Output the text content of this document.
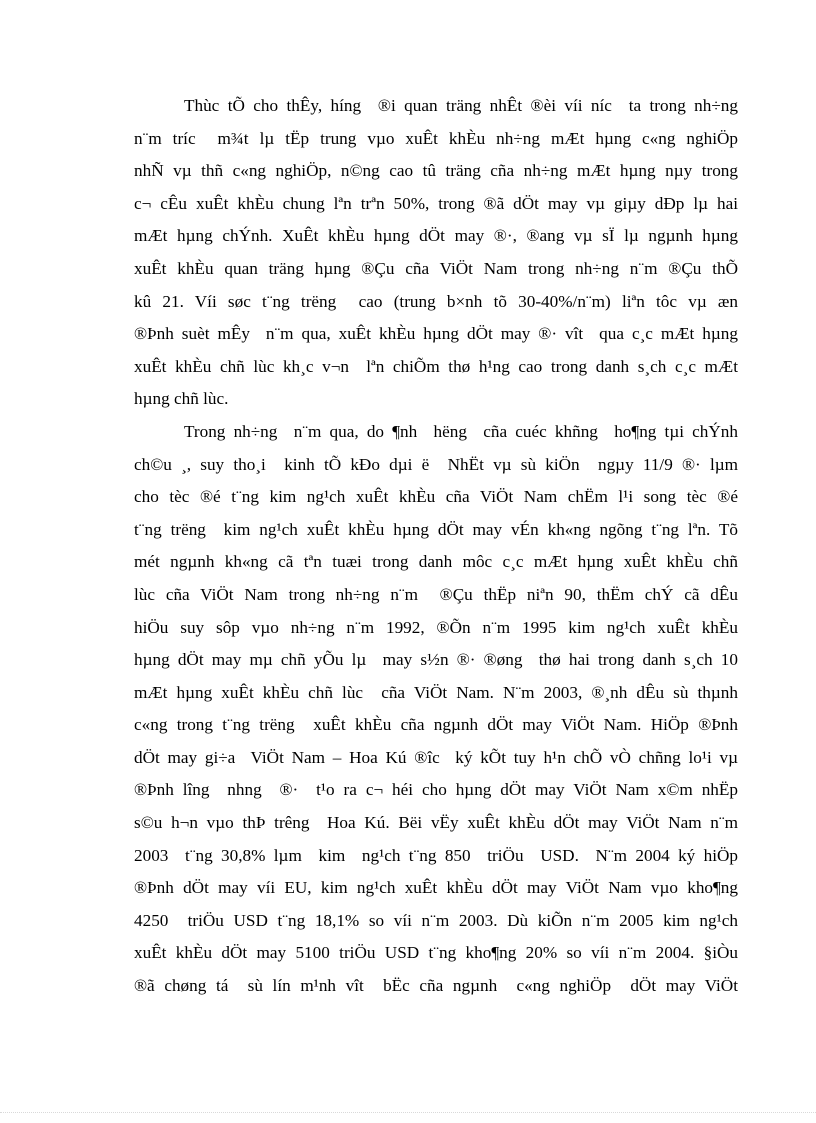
Thùc tÕ cho thÊy, híng  ®i quan träng nhÊt ®èi víi níc  ta trong nh÷ng
n¨m tríc  m¾t lµ tËp trung vµo xuÊt khÈu nh÷ng mÆt hµng c«ng nghiÖp
nhÑ vµ thñ c«ng nghiÖp, n©ng cao tû träng cña nh÷ng mÆt hµng nµy trong
c¬ cÊu xuÊt khÈu chung lªn trªn 50%, trong ®ã dÖt may vµ giµy dÐp lµ hai
mÆt hµng chÝnh. XuÊt khÈu hµng dÖt may ®·, ®ang vµ sÏ lµ ngµnh hµng
xuÊt khÈu quan träng hµng ®Çu cña ViÖt Nam trong nh÷ng n¨m ®Çu thÕ
kû 21. Víi søc t¨ng trëng  cao (trung b×nh tõ 30-40%/n¨m) liªn tôc vµ æn
®Þnh suèt mÊy  n¨m qua, xuÊt khÈu hµng dÖt may ®· vît  qua c¸c mÆt hµng
xuÊt khÈu chñ lùc kh¸c v¬n  lªn chiÕm thø h¹ng cao trong danh s¸ch c¸c mÆt
hµng chñ lùc.
Trong nh÷ng  n¨m qua, do ¶nh  hëng  cña cuéc khñng  ho¶ng tµi chÝnh
ch©u ¸, suy tho¸i  kinh tÕ kÐo dµi ë  NhËt vµ sù kiÖn  ngµy 11/9 ®· lµm
cho tèc ®é t¨ng kim ng¹ch xuÊt khÈu cña ViÖt Nam chËm l¹i song tèc ®é
t¨ng trëng  kim ng¹ch xuÊt khÈu hµng dÖt may vÉn kh«ng ngõng t¨ng lªn. Tõ
mét ngµnh kh«ng cã tªn tuæi trong danh môc c¸c mÆt hµng xuÊt khÈu chñ
lùc cña ViÖt Nam trong nh÷ng n¨m  ®Çu thËp niªn 90, thËm chÝ cã dÊu
hiÖu suy sôp vµo nh÷ng n¨m 1992, ®Õn n¨m 1995 kim ng¹ch xuÊt khÈu
hµng dÖt may mµ chñ yÕu lµ  may s½n ®· ®øng  thø hai trong danh s¸ch 10
mÆt hµng xuÊt khÈu chñ lùc  cña ViÖt Nam. N¨m 2003, ®¸nh dÊu sù thµnh
c«ng trong t¨ng trëng  xuÊt khÈu cña ngµnh dÖt may ViÖt Nam. HiÖp ®Þnh
dÖt may gi÷a  ViÖt Nam – Hoa Kú ®îc  ký kÕt tuy h¹n chÕ vÒ chñng lo¹i vµ
®Þnh lîng  nhng  ®·  t¹o ra c¬ héi cho hµng dÖt may ViÖt Nam x©m nhËp
s©u h¬n vµo thÞ trêng  Hoa Kú. Bëi vËy xuÊt khÈu dÖt may ViÖt Nam n¨m
2003  t¨ng 30,8% lµm  kim  ng¹ch t¨ng 850  triÖu  USD.  N¨m 2004 ký hiÖp
®Þnh dÖt may víi EU, kim ng¹ch xuÊt khÈu dÖt may ViÖt Nam vµo kho¶ng
4250  triÖu USD t¨ng 18,1% so víi n¨m 2003. Dù kiÕn n¨m 2005 kim ng¹ch
xuÊt khÈu dÖt may 5100 triÖu USD t¨ng kho¶ng 20% so víi n¨m 2004. §iÒu
®ã chøng tá  sù lín m¹nh vît  bËc cña ngµnh  c«ng nghiÖp  dÖt may ViÖt
